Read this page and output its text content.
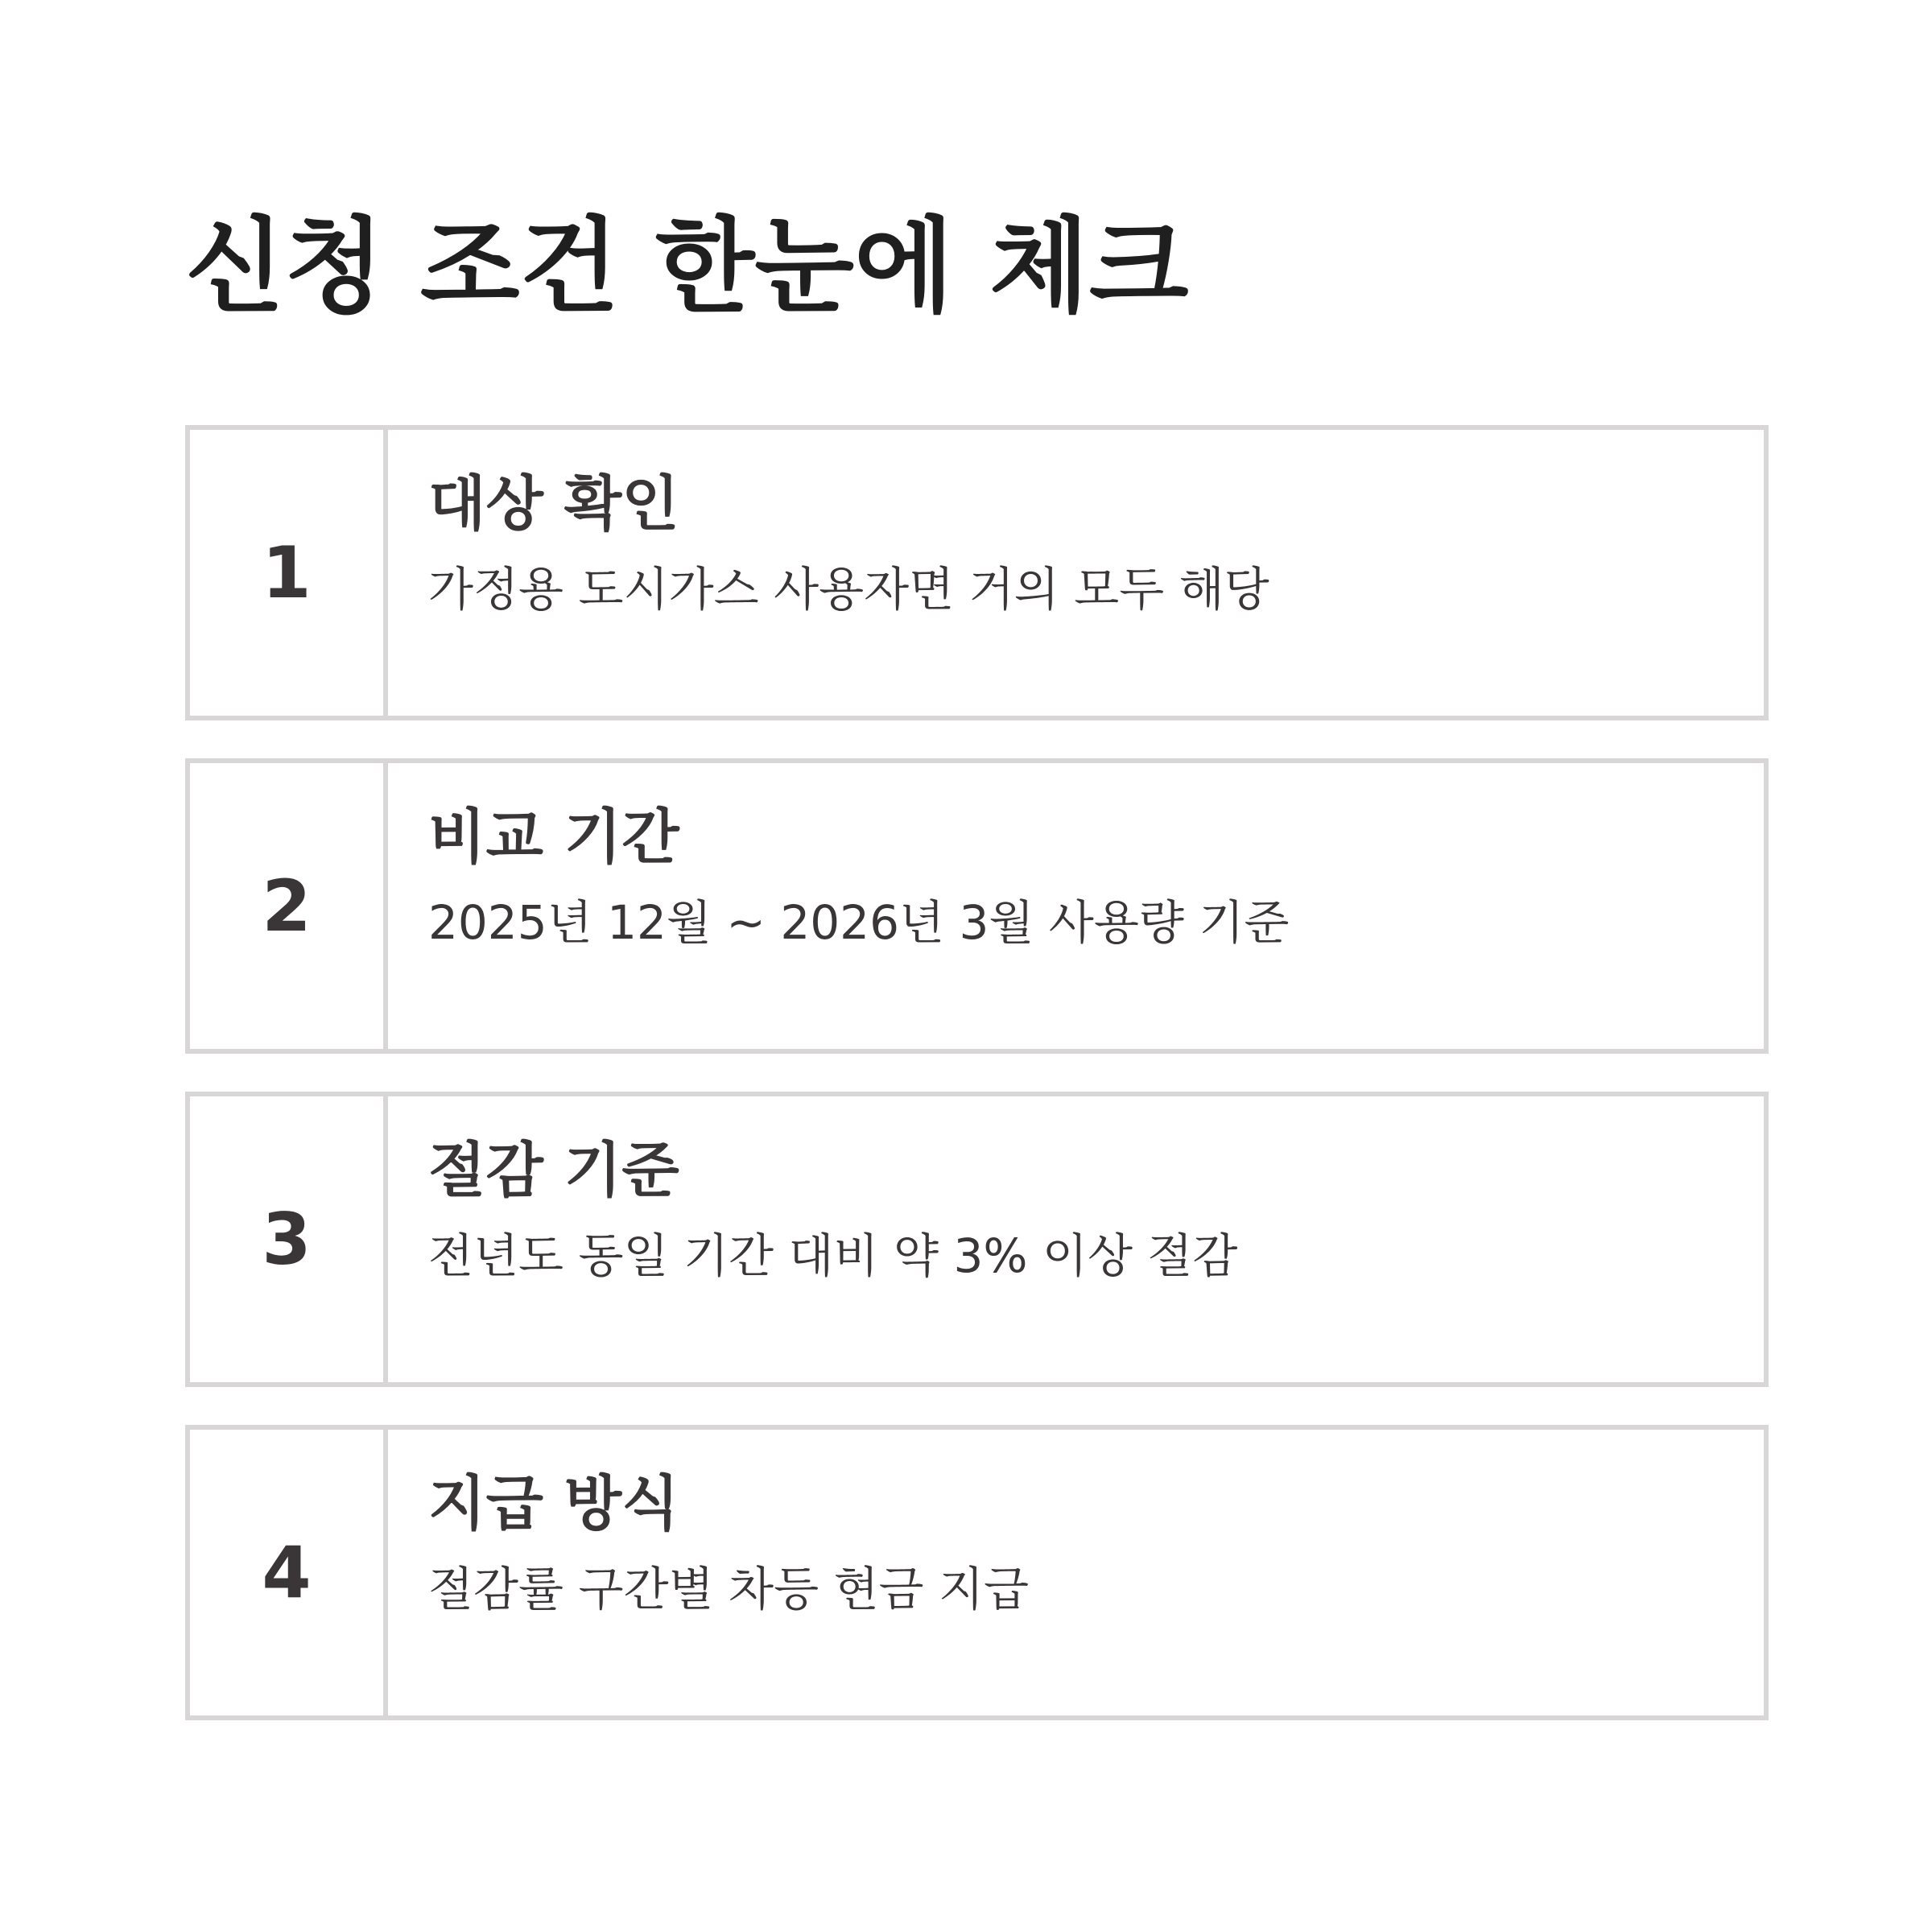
신청 조건 한눈에 체크
1
대상 확인

가정용 도시가스 사용자면 거의 모두 해당

2
비교 기간

2025년 12월 ~ 2026년 3월 사용량 기준

3
절감 기준

전년도 동일 기간 대비 약 3% 이상 절감

4
지급 방식

절감률 구간별 차등 현금 지급
